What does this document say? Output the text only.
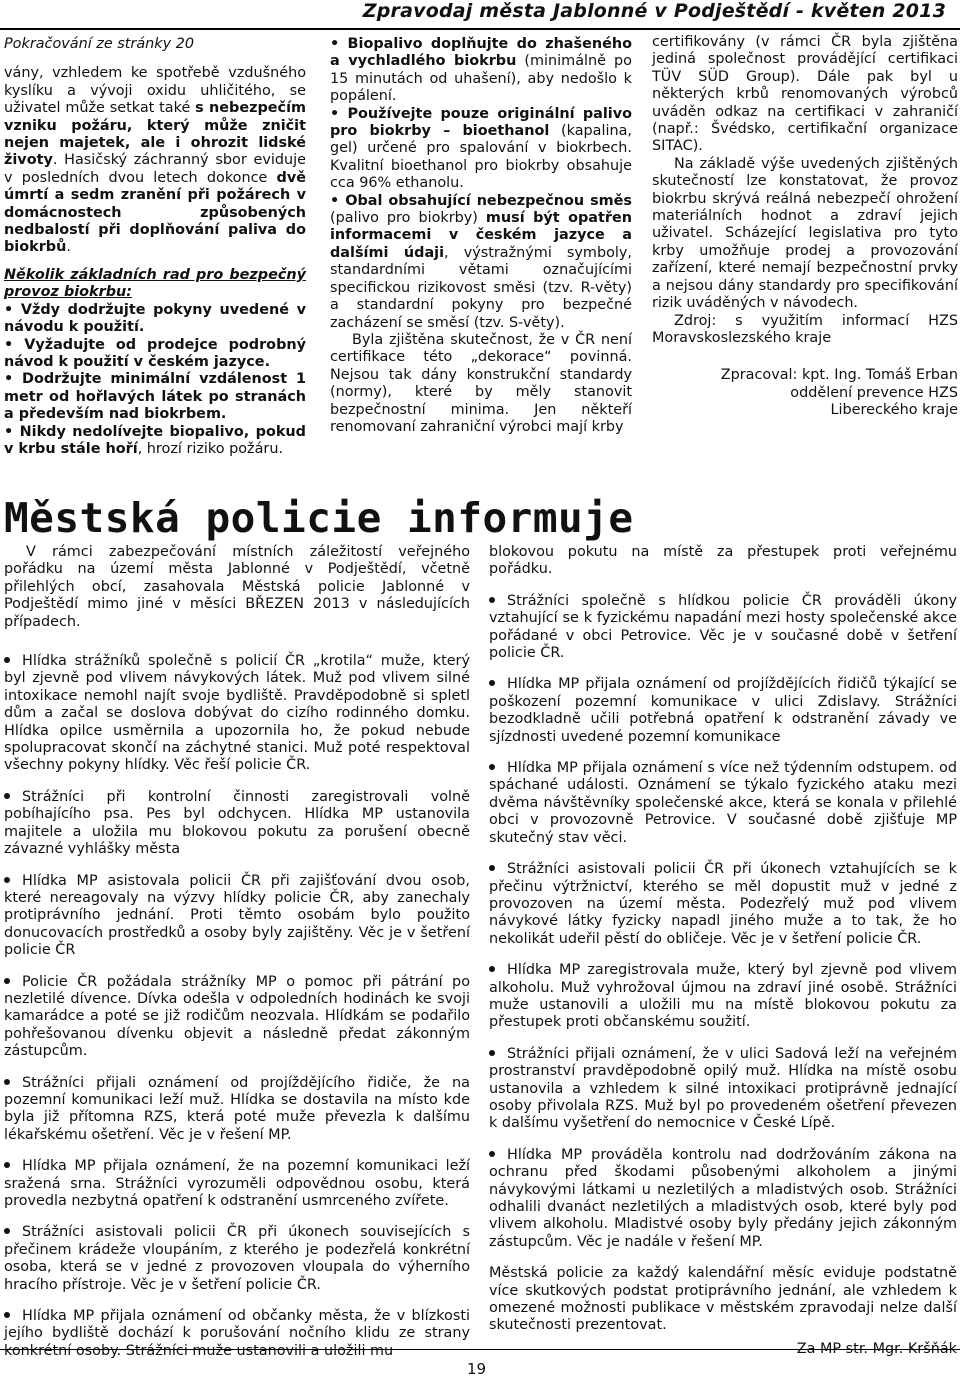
Zpravodaj města Jablonné v Podještědí - květen 2013

Pokračování ze stránky 20

vány, vzhledem ke spotřebě vzdušného kyslíku a vývoji oxidu uhličitého, se uživatel může setkat také s nebezpečím vzniku požáru, který může zničit nejen majetek, ale i ohrozit lidské životy. Hasičský záchranný sbor eviduje v posledních dvou letech dokonce dvě úmrtí a sedm zranění při požárech v domácnostech způsobených nedbalostí při doplňování paliva do biokrbů.

Několik základních rad pro bezpečný provoz biokrbu:

• Vždy dodržujte pokyny uvedené v návodu k použití.

• Vyžadujte od prodejce podrobný návod k použití v českém jazyce.

• Dodržujte minimální vzdálenost 1 metr od hořlavých látek po stranách a především nad biokrbem.

• Nikdy nedolívejte biopalivo, pokud v krbu stále hoří, hrozí riziko požáru.

• Biopalivo doplňujte do zhašeného a vychladlého biokrbu (minimálně po 15 minutách od uhašení), aby nedošlo k popálení.

• Používejte pouze originální palivo pro biokrby – bioethanol (kapalina, gel) určené pro spalování v biokrbech. Kvalitní bioethanol pro biokrby obsahuje cca 96% ethanolu.

• Obal obsahující nebezpečnou směs (palivo pro biokrby) musí být opatřen informacemi v českém jazyce a dalšími údaji, výstražnými symboly, standardními větami označujícími specifickou rizikovost směsi (tzv. R-věty) a standardní pokyny pro bezpečné zacházení se směsí (tzv. S-věty).

Byla zjištěna skutečnost, že v ČR není certifikace této „dekorace“ povinná. Nejsou tak dány konstrukční standardy (normy), které by měly stanovit bezpečnostní minima. Jen někteří renomovaní zahraniční výrobci mají krby

certifikovány (v rámci ČR byla zjištěna jediná společnost provádějící certifikaci TÜV SÜD Group). Dále pak byl u některých krbů renomovaných výrobců uváděn odkaz na certifikaci v zahraničí (např.: Švédsko, certifikační organizace SITAC).

Na základě výše uvedených zjištěných skutečností lze konstatovat, že provoz biokrbu skrývá reálná nebezpečí ohrožení materiálních hodnot a zdraví jejich uživatel. Scházející legislativa pro tyto krby umožňuje prodej a provozování zařízení, které nemají bezpečnostní prvky a nejsou dány standardy pro specifikování rizik uváděných v návodech.

Zdroj: s využitím informací HZS Moravskoslezského kraje

Zpracoval: kpt. Ing. Tomáš Erban

oddělení prevence HZS

Libereckého kraje

Městská policie informuje

V rámci zabezpečování místních záležitostí veřejného pořádku na území města Jablonné v Podještědí, včetně přilehlých obcí, zasahovala Městská policie Jablonné v Podještědí mimo jiné v měsíci BŘEZEN 2013 v následujících případech.

Hlídka strážníků společně s policií ČR „krotila“ muže, který byl zjevně pod vlivem návykových látek. Muž pod vlivem silné intoxikace nemohl najít svoje bydliště. Pravděpodobně si spletl dům a začal se doslova dobývat do cizího rodinného domku. Hlídka opilce usměrnila a upozornila ho, že pokud nebude spolupracovat skončí na záchytné stanici. Muž poté respektoval všechny pokyny hlídky. Věc řeší policie ČR.

Strážníci při kontrolní činnosti zaregistrovali volně pobíhajícího psa. Pes byl odchycen. Hlídka MP ustanovila majitele a uložila mu blokovou pokutu za porušení obecně závazné vyhlášky města

Hlídka MP asistovala policii ČR při zajišťování dvou osob, které nereagovaly na výzvy hlídky policie ČR, aby zanechaly protiprávního jednání. Proti těmto osobám bylo použito donucovacích prostředků a osoby byly zajištěny. Věc je v šetření policie ČR

Policie ČR požádala strážníky MP o pomoc při pátrání po nezletilé dívence. Dívka odešla v odpoledních hodinách ke svoji kamarádce a poté se již rodičům neozvala. Hlídkám se podařilo pohřešovanou dívenku objevit a následně předat zákonným zástupcům.

Strážníci přijali oznámení od projíždějícího řidiče, že na pozemní komunikaci leží muž. Hlídka se dostavila na místo kde byla již přítomna RZS, která poté muže převezla k dalšímu lékařskému ošetření. Věc je v řešení MP.

Hlídka MP přijala oznámení, že na pozemní komunikaci leží sražená srna. Strážníci vyrozuměli odpovědnou osobu, která provedla nezbytná opatření k odstranění usmrceného zvířete.

Strážníci asistovali policii ČR při úkonech souvisejících s přečinem krádeže vloupáním, z kterého je podezřelá konkrétní osoba, která se v jedné z provozoven vloupala do výherního hracího přístroje. Věc je v šetření policie ČR.

Hlídka MP přijala oznámení od občanky města, že v blízkosti jejího bydliště dochází k porušování nočního klidu ze strany konkrétní osoby. Strážníci muže ustanovili a uložili mu

blokovou pokutu na místě za přestupek proti veřejnému pořádku.

Strážníci společně s hlídkou policie ČR prováděli úkony vztahující se k fyzickému napadání mezi hosty společenské akce pořádané v obci Petrovice. Věc je v současné době v šetření policie ČR.

Hlídka MP přijala oznámení od projíždějících řidičů týkající se poškození pozemní komunikace v ulici Zdislavy. Strážníci bezodkladně učili potřebná opatření k odstranění závady ve sjízdnosti uvedené pozemní komunikace

Hlídka MP přijala oznámení s více než týdenním odstupem. od spáchané události. Oznámení se týkalo fyzického ataku mezi dvěma návštěvníky společenské akce, která se konala v přilehlé obci v provozovně Petrovice. V současné době zjišťuje MP skutečný stav věci.

Strážníci asistovali policii ČR při úkonech vztahujících se k přečinu výtržnictví, kterého se měl dopustit muž v jedné z provozoven na území města. Podezřelý muž pod vlivem návykové látky fyzicky napadl jiného muže a to tak, že ho nekolikát udeřil pěstí do obličeje. Věc je v šetření policie ČR.

Hlídka MP zaregistrovala muže, který byl zjevně pod vlivem alkoholu. Muž vyhrožoval újmou na zdraví jiné osobě. Strážníci muže ustanovili a uložili mu na místě blokovou pokutu za přestupek proti občanskému soužití.

Strážníci přijali oznámení, že v ulici Sadová leží na veřejném prostranství pravděpodobně opilý muž. Hlídka na místě osobu ustanovila a vzhledem k silné intoxikaci protiprávně jednající osoby přivolala RZS. Muž byl po provedeném ošetření převezen k dalšímu vyšetření do nemocnice v České Lípě.

Hlídka MP prováděla kontrolu nad dodržováním zákona na ochranu před škodami působenými alkoholem a jinými návykovými látkami u nezletilých a mladistvých osob. Strážníci odhalili dvanáct nezletilých a mladistvých osob, které byly pod vlivem alkoholu. Mladistvé osoby byly předány jejich zákonným zástupcům. Věc je nadále v řešení MP.

Městská policie za každý kalendářní měsíc eviduje podstatně více skutkových podstat protiprávního jednání, ale vzhledem k omezené možnosti publikace v městském zpravodaji nelze další skutečnosti prezentovat.

Za MP str. Mgr. Kršňák

19
